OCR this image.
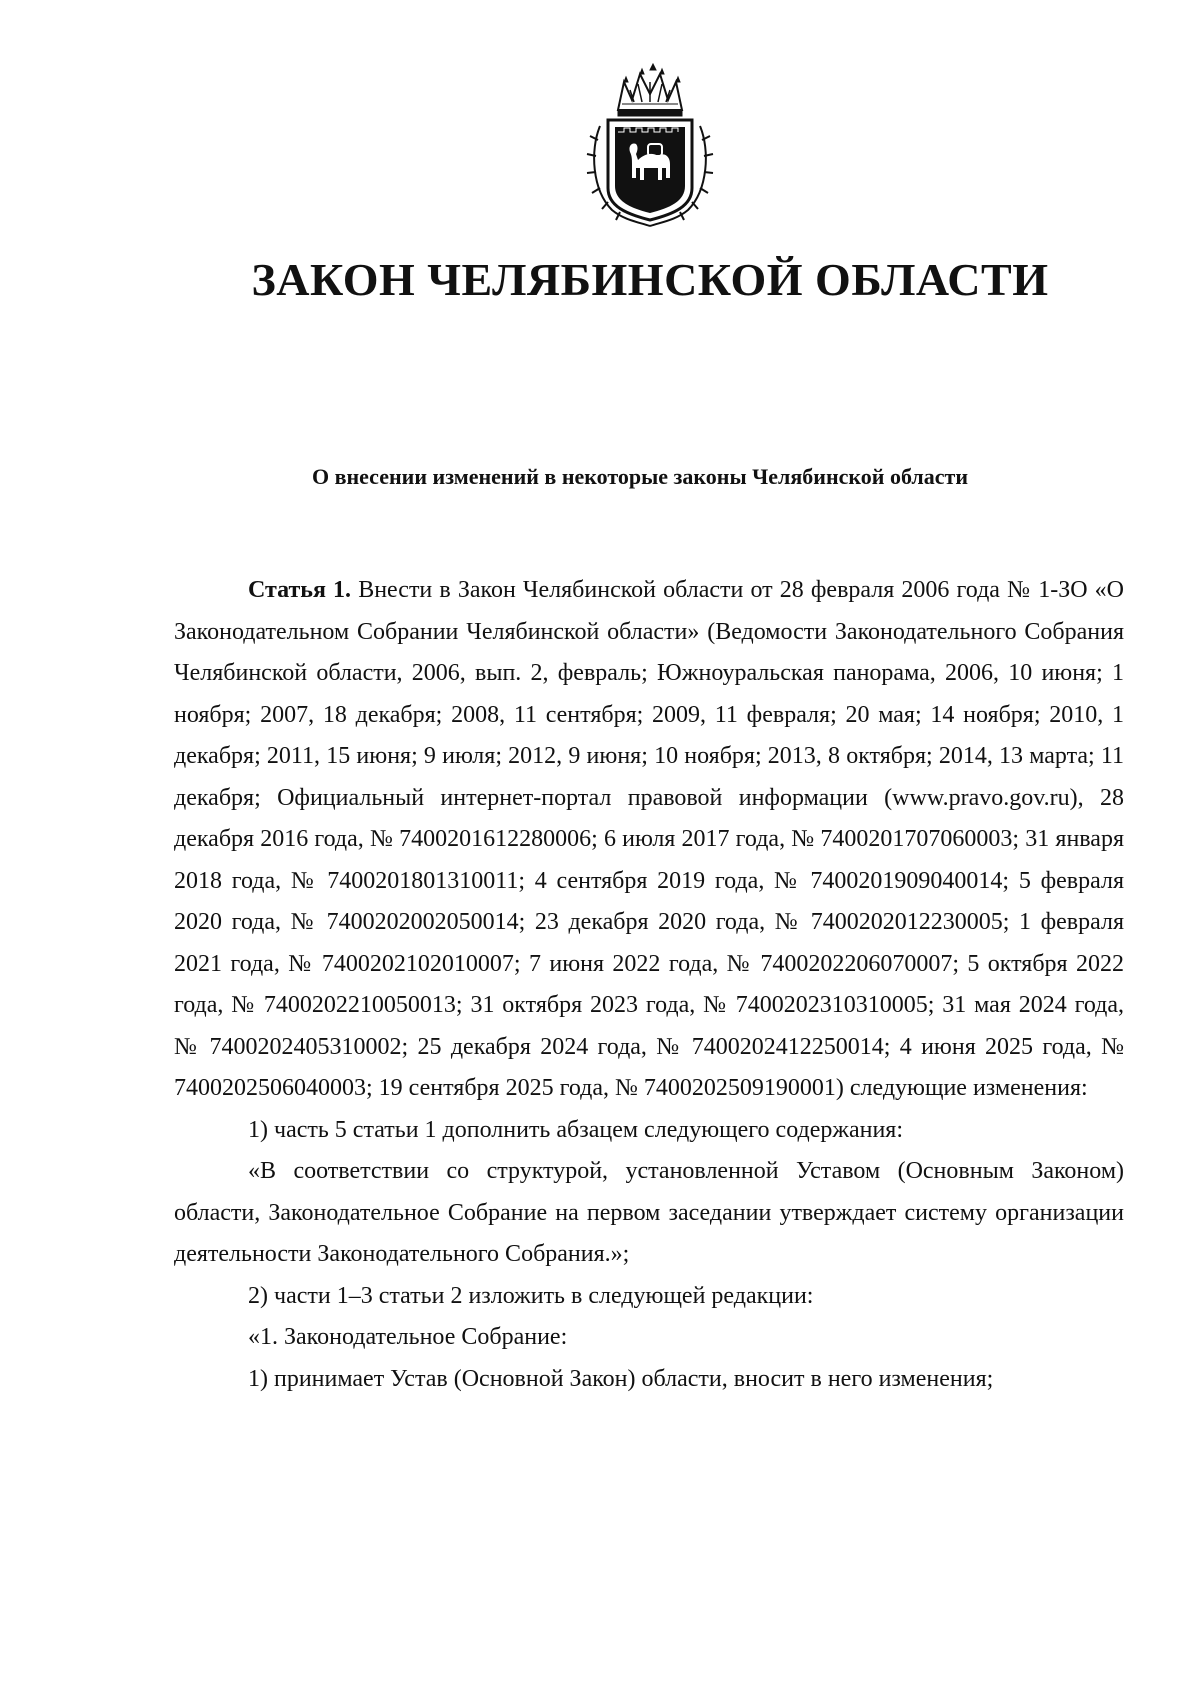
ЗАКОН ЧЕЛЯБИНСКОЙ ОБЛАСТИ
О внесении изменений в некоторые законы Челябинской области

Статья 1. Внести в Закон Челябинской области от 28 февраля 2006 года № 1-ЗО «О Законодательном Собрании Челябинской области» (Ведомости Законодательного Собрания Челябинской области, 2006, вып. 2, февраль; Южноуральская панорама, 2006, 10 июня; 1 ноября; 2007, 18 декабря; 2008, 11 сентября; 2009, 11 февраля; 20 мая; 14 ноября; 2010, 1 декабря; 2011, 15 июня; 9 июля; 2012, 9 июня; 10 ноября; 2013, 8 октября; 2014, 13 марта; 11 декабря; Официальный интернет-портал правовой информации (www.pravo.gov.ru), 28 декабря 2016 года, № 7400201612280006; 6 июля 2017 года, № 7400201707060003; 31 января 2018 года, № 7400201801310011; 4 сентября 2019 года, № 7400201909040014; 5 февраля 2020 года, № 7400202002050014; 23 декабря 2020 года, № 7400202012230005; 1 февраля 2021 года, № 7400202102010007; 7 июня 2022 года, № 7400202206070007; 5 октября 2022 года, № 7400202210050013; 31 октября 2023 года, № 7400202310310005; 31 мая 2024 года, № 7400202405310002; 25 декабря 2024 года, № 7400202412250014; 4 июня 2025 года, № 7400202506040003; 19 сентября 2025 года, № 7400202509190001) следующие изменения:

1) часть 5 статьи 1 дополнить абзацем следующего содержания:

«В соответствии со структурой, установленной Уставом (Основным Законом) области, Законодательное Собрание на первом заседании утверждает систему организации деятельности Законодательного Собрания.»;

2) части 1–3 статьи 2 изложить в следующей редакции:

«1. Законодательное Собрание:

1) принимает Устав (Основной Закон) области, вносит в него изменения;
